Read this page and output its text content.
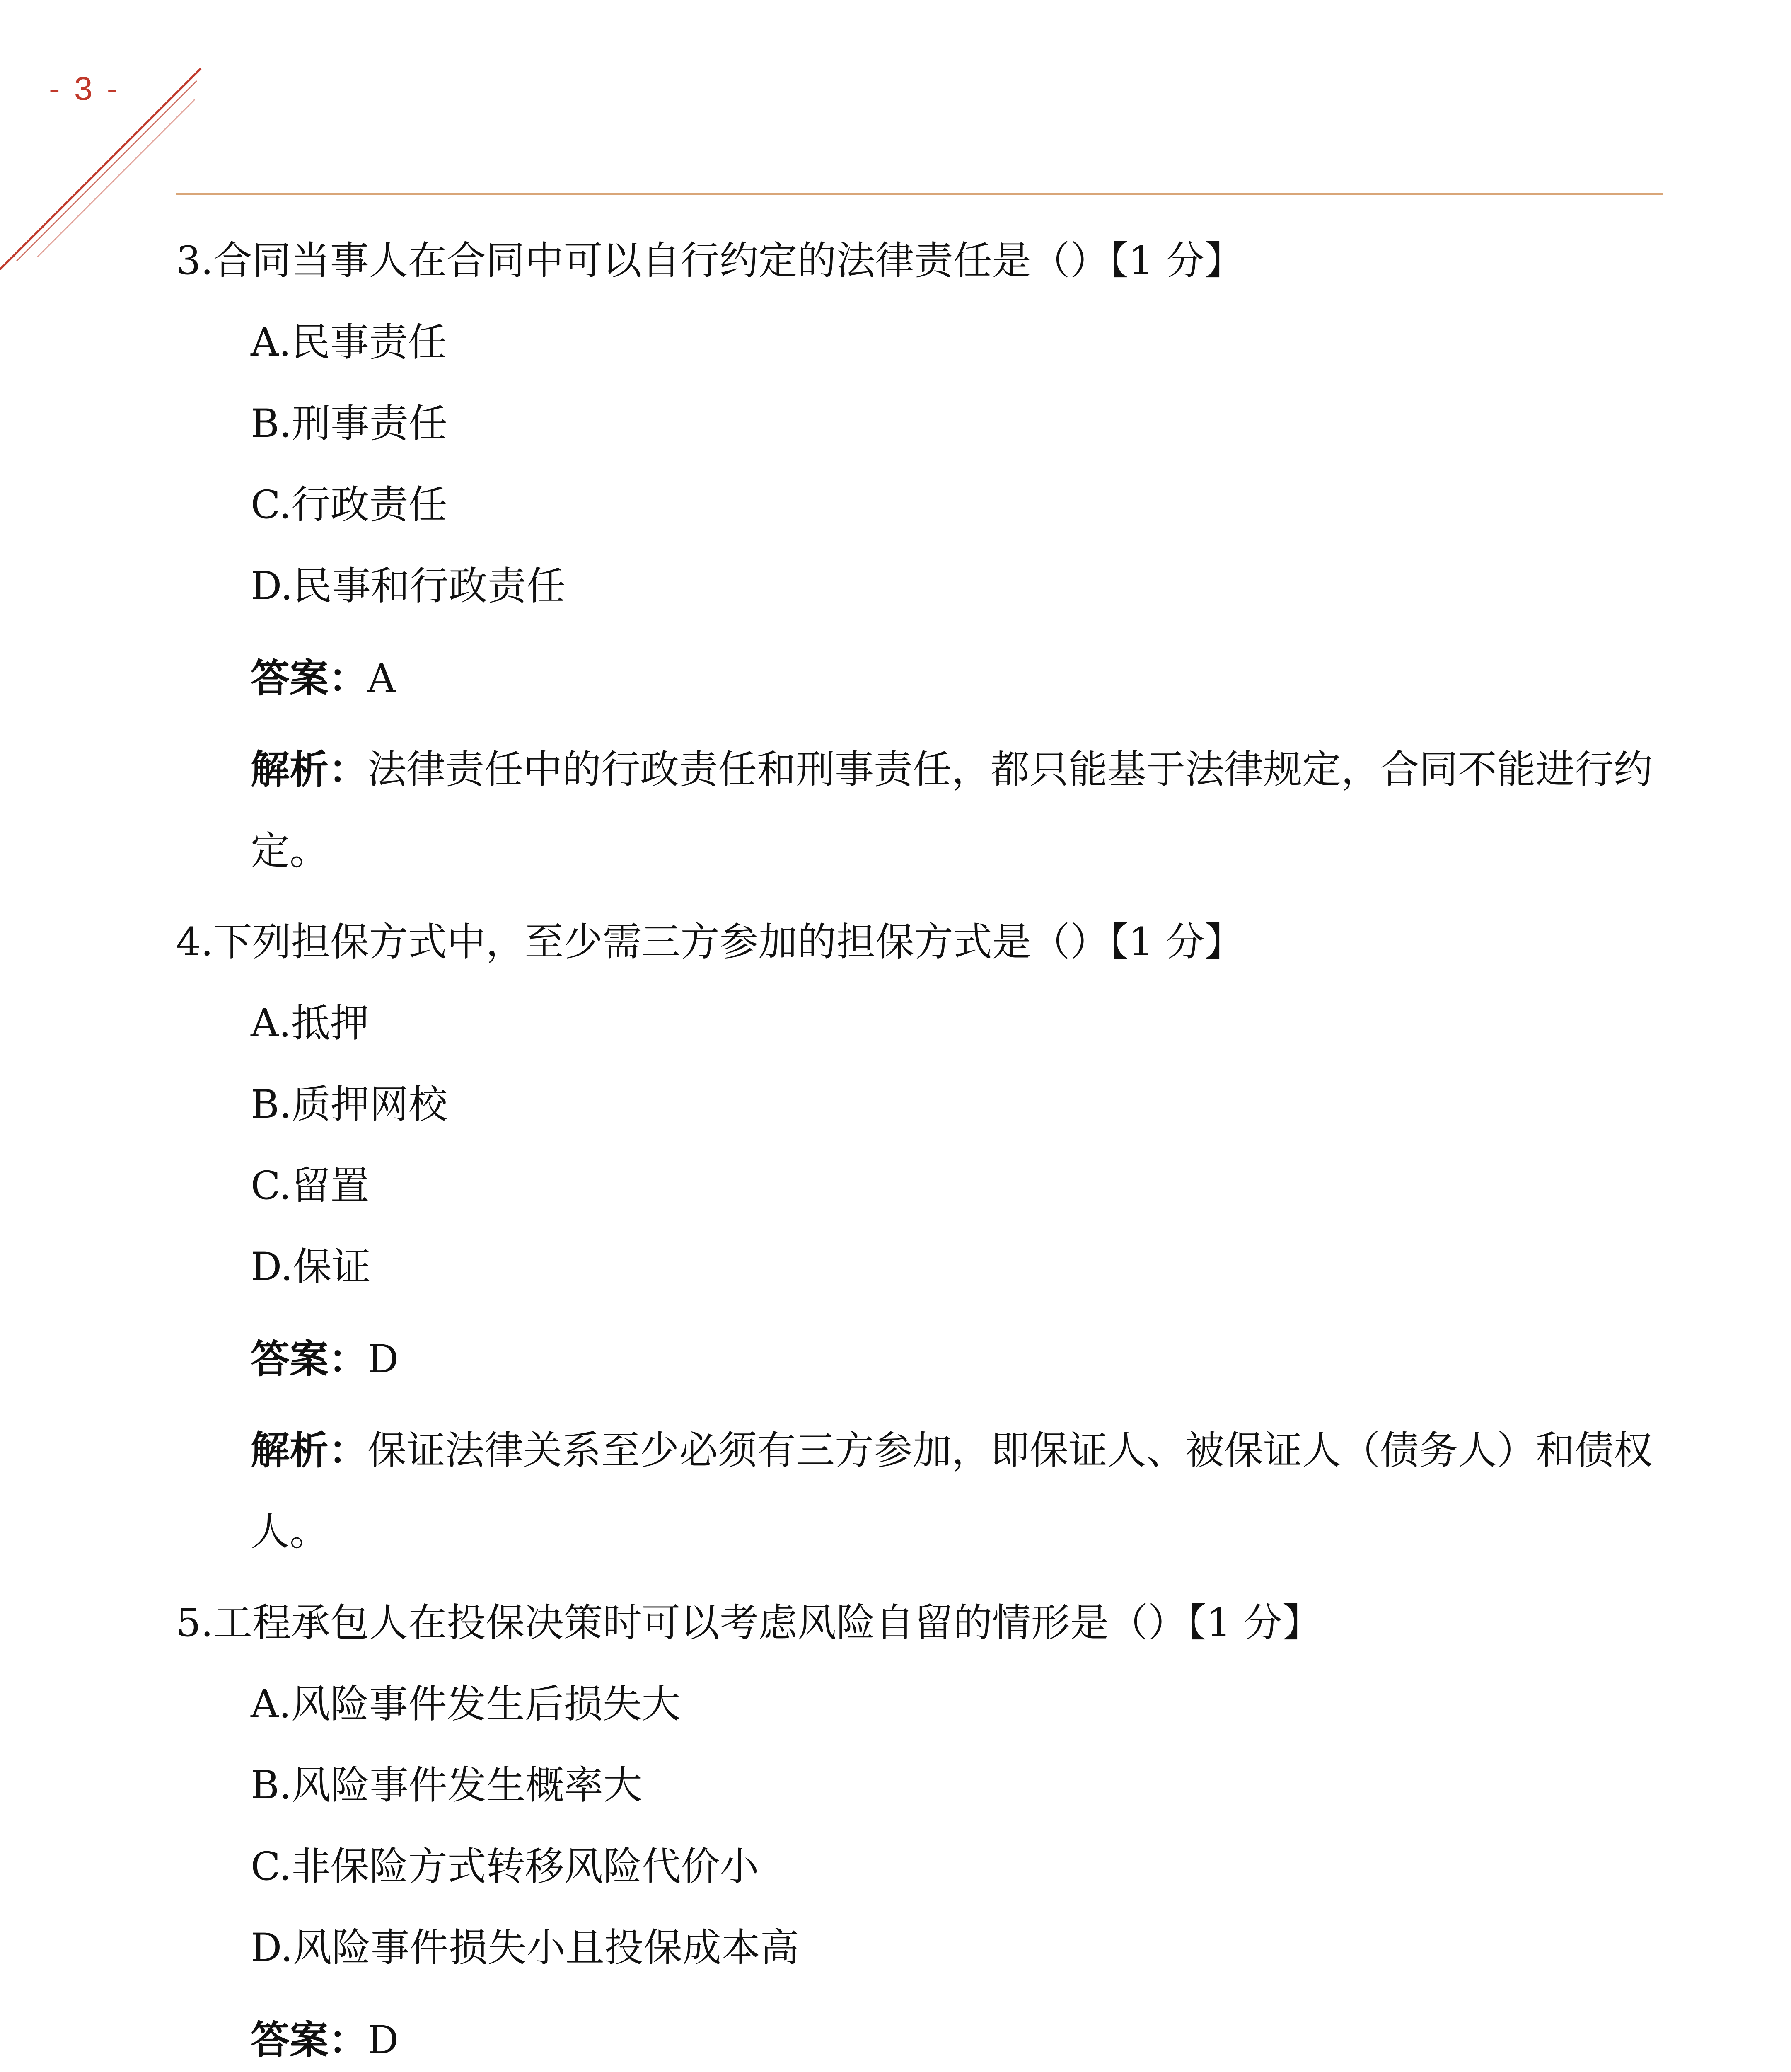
- 3 -
3.合同当事人在合同中可以自行约定的法律责任是（）【1 分】
A.民事责任
B.刑事责任
C.行政责任
D.民事和行政责任
答案：A
解析：法律责任中的行政责任和刑事责任，都只能基于法律规定，合同不能进行约定。
4.下列担保方式中，至少需三方参加的担保方式是（）【1 分】
A.抵押
B.质押网校
C.留置
D.保证
答案：D
解析：保证法律关系至少必须有三方参加，即保证人、被保证人（债务人）和债权人。
5.工程承包人在投保决策时可以考虑风险自留的情形是（）【1 分】
A.风险事件发生后损失大
B.风险事件发生概率大
C.非保险方式转移风险代价小
D.风险事件损失小且投保成本高
答案：D
